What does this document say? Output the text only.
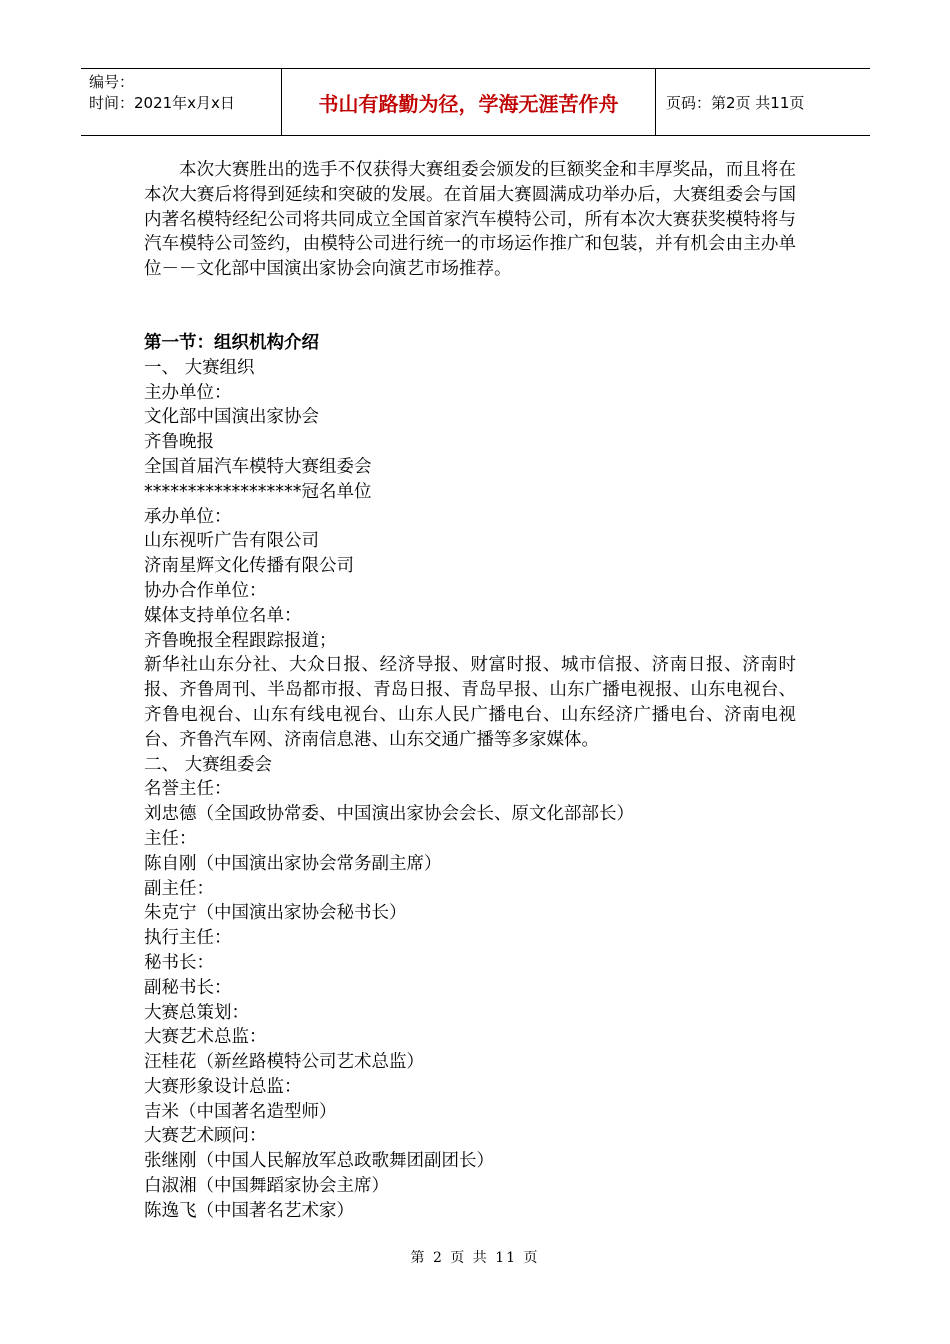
编号：
时间：2021年x月x日	书山有路勤为径，学海无涯苦作舟	页码：第2页 共11页

本次大赛胜出的选手不仅获得大赛组委会颁发的巨额奖金和丰厚奖品，而且将在本次大赛后将得到延续和突破的发展。在首届大赛圆满成功举办后，大赛组委会与国内著名模特经纪公司将共同成立全国首家汽车模特公司，所有本次大赛获奖模特将与汽车模特公司签约，由模特公司进行统一的市场运作推广和包装，并有机会由主办单位－－文化部中国演出家协会向演艺市场推荐。

第一节：组织机构介绍

一、 大赛组织

主办单位：

文化部中国演出家协会

齐鲁晚报

全国首届汽车模特大赛组委会

******************冠名单位

承办单位：

山东视听广告有限公司

济南星辉文化传播有限公司

协办合作单位：

媒体支持单位名单：

齐鲁晚报全程跟踪报道；

新华社山东分社、大众日报、经济导报、财富时报、城市信报、济南日报、济南时报、齐鲁周刊、半岛都市报、青岛日报、青岛早报、山东广播电视报、山东电视台、齐鲁电视台、山东有线电视台、山东人民广播电台、山东经济广播电台、济南电视台、齐鲁汽车网、济南信息港、山东交通广播等多家媒体。

二、 大赛组委会

名誉主任：

刘忠德（全国政协常委、中国演出家协会会长、原文化部部长）

主任：

陈自刚（中国演出家协会常务副主席）

副主任：

朱克宁（中国演出家协会秘书长）

执行主任：

秘书长：

副秘书长：

大赛总策划：

大赛艺术总监：

汪桂花（新丝路模特公司艺术总监）

大赛形象设计总监：

吉米（中国著名造型师）

大赛艺术顾问：

张继刚（中国人民解放军总政歌舞团副团长）

白淑湘（中国舞蹈家协会主席）

陈逸飞（中国著名艺术家）

第 2 页 共 11 页
